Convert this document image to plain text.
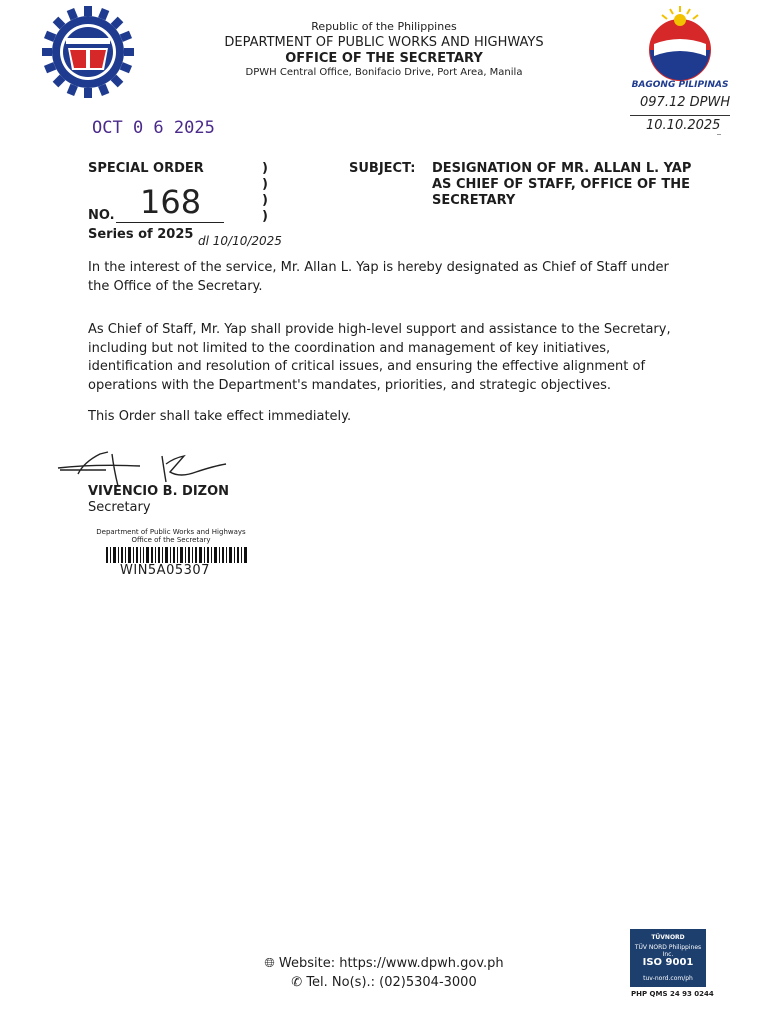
Republic of the Philippines
DEPARTMENT OF PUBLIC WORKS AND HIGHWAYS
OFFICE OF THE SECRETARY
DPWH Central Office, Bonifacio Drive, Port Area, Manila
BAGONG PILIPINAS
097.12 DPWH
10.10.2025
OCT 0 6 2025
SPECIAL ORDER	)
)
)
)
SUBJECT: DESIGNATION OF MR. ALLAN L. YAP
AS CHIEF OF STAFF, OFFICE OF THE
SECRETARY
NO. 168
Series of 2025 dl 10/10/2025
In the interest of the service, Mr. Allan L. Yap is hereby designated as Chief of Staff under the Office of the Secretary.
As Chief of Staff, Mr. Yap shall provide high-level support and assistance to the Secretary, including but not limited to the coordination and management of key initiatives, identification and resolution of critical issues, and ensuring the effective alignment of operations with the Department's mandates, priorities, and strategic objectives.
This Order shall take effect immediately.
VIVENCIO B. DIZON
Secretary
Department of Public Works and Highways
Office of the Secretary
WIN5A05307
🌐︎ Website: https://www.dpwh.gov.ph
✆ Tel. No(s).: (02)5304-3000
TÜVNORD
TÜV NORD Philippines Inc.
ISO 9001
tuv-nord.com/ph
PHP QMS 24 93 0244
